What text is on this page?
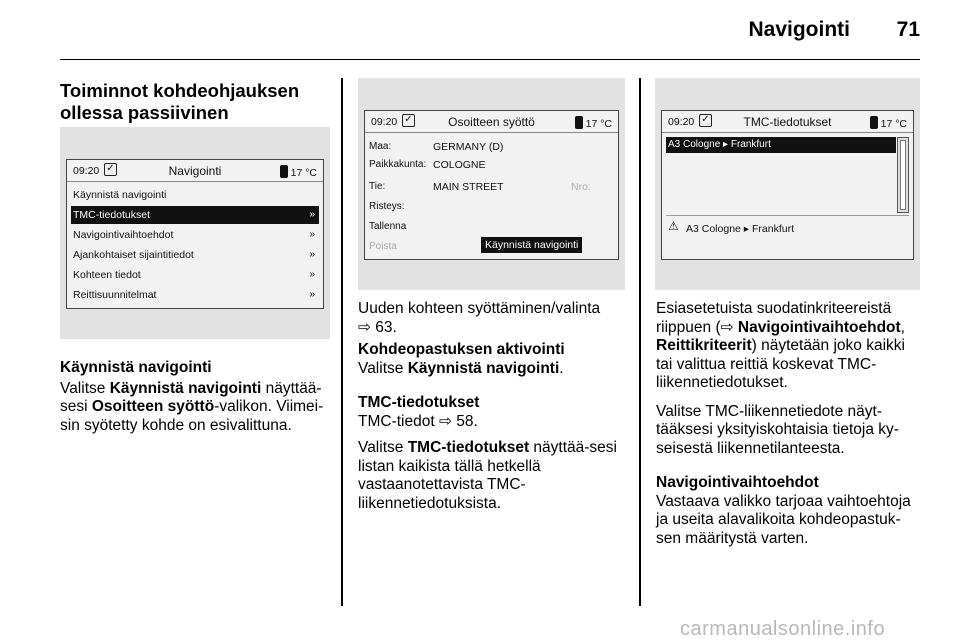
Navigointi 71
Toiminnot kohdeohjauksen ollessa passiivinen
09:20 ✓	Navigointi	17 °C
Käynnistä navigointi
TMC-tiedotukset	»
Navigointivaihtoehdot	»
Ajankohtaiset sijaintitiedot	»
Kohteen tiedot	»
Reittisuunnitelmat	»

Käynnistä navigointi

Valitse Käynnistä navigointi näyttää-sesi Osoitteen syöttö-valikon. Viimei-sin syötetty kohde on esivalittuna.

09:20 ✓	Osoitteen syöttö	17 °C
Maa:	GERMANY (D)
Paikkakunta: COLOGNE
Tie:	MAIN STREET	Nro:
Risteys:
Tallenna
Poista	Käynnistä navigointi

Uuden kohteen syöttäminen/valinta
⇨ 63.

Kohdeopastuksen aktivointi

Valitse Käynnistä navigointi.

TMC-tiedotukset

TMC-tiedot ⇨ 58.

Valitse TMC-tiedotukset näyttää-sesi listan kaikista tällä hetkellä vastaanotettavista TMC-liikennetiedotuksista.

09:20 ✓	TMC-tiedotukset	17 °C
A3 Cologne ▸ Frankfurt
⚠ A3 Cologne ▸ Frankfurt

Esiasetetuista suodatinkriteereistä riippuen (⇨ Navigointivaihtoehdot, Reittikriteerit) näytetään joko kaikki tai valittua reittiä koskevat TMC-liikennetiedotukset.

Valitse TMC-liikennetiedote näyt-tääksesi yksityiskohtaisia tietoja ky-seisestä liikennetilanteesta.

Navigointivaihtoehdot

Vastaava valikko tarjoaa vaihtoehtoja ja useita alavalikoita kohdeopastuk-sen määritystä varten.

carmanualsonline.info
